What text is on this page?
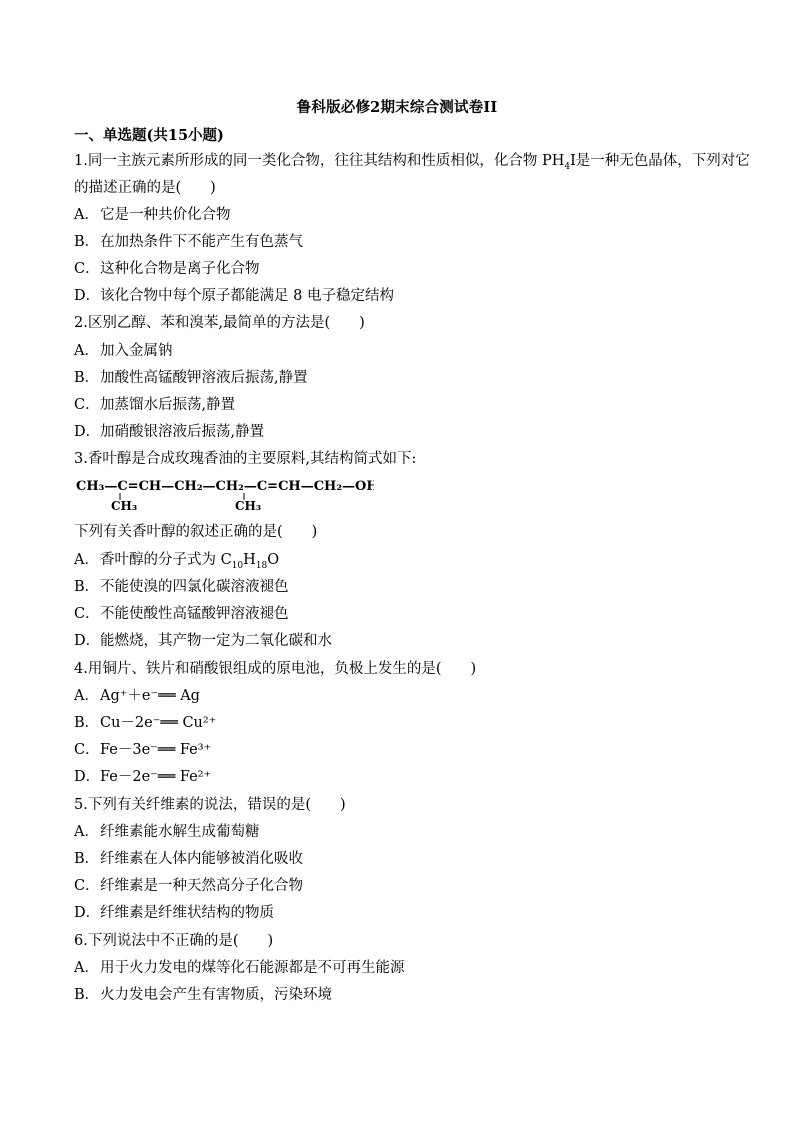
鲁科版必修2期末综合测试卷II
一、单选题(共15小题)
1.同一主族元素所形成的同一类化合物，往往其结构和性质相似，化合物 $PH_4I$是一种无色晶体，下列对它
的描述正确的是(　　)
A．它是一种共价化合物
B．在加热条件下不能产生有色蒸气
C．这种化合物是离子化合物
D．该化合物中每个原子都能满足 8 电子稳定结构
2.区别乙醇、苯和溴苯,最简单的方法是(　　)
A．加入金属钠
B．加酸性高锰酸钾溶液后振荡,静置
C．加蒸馏水后振荡,静置
D．加硝酸银溶液后振荡,静置
3.香叶醇是合成玫瑰香油的主要原料,其结构简式如下:
CH₃—C=CH—CH₂—CH₂—C=CH—CH₂—OH
CH₃	CH₃
下列有关香叶醇的叙述正确的是(　　)
A．香叶醇的分子式为 $C_{10}H_{18}O$
B．不能使溴的四氯化碳溶液褪色
C．不能使酸性高锰酸钾溶液褪色
D．能燃烧，其产物一定为二氧化碳和水
4.用铜片、铁片和硝酸银组成的原电池，负极上发生的是(　　)
A．Ag⁺＋e⁻══ Ag
B．Cu－2e⁻══ Cu²⁺
C．Fe－3e⁻══ Fe³⁺
D．Fe－2e⁻══ Fe²⁺
5.下列有关纤维素的说法，错误的是(　　)
A．纤维素能水解生成葡萄糖
B．纤维素在人体内能够被消化吸收
C．纤维素是一种天然高分子化合物
D．纤维素是纤维状结构的物质
6.下列说法中不正确的是(　　)
A．用于火力发电的煤等化石能源都是不可再生能源
B．火力发电会产生有害物质，污染环境
